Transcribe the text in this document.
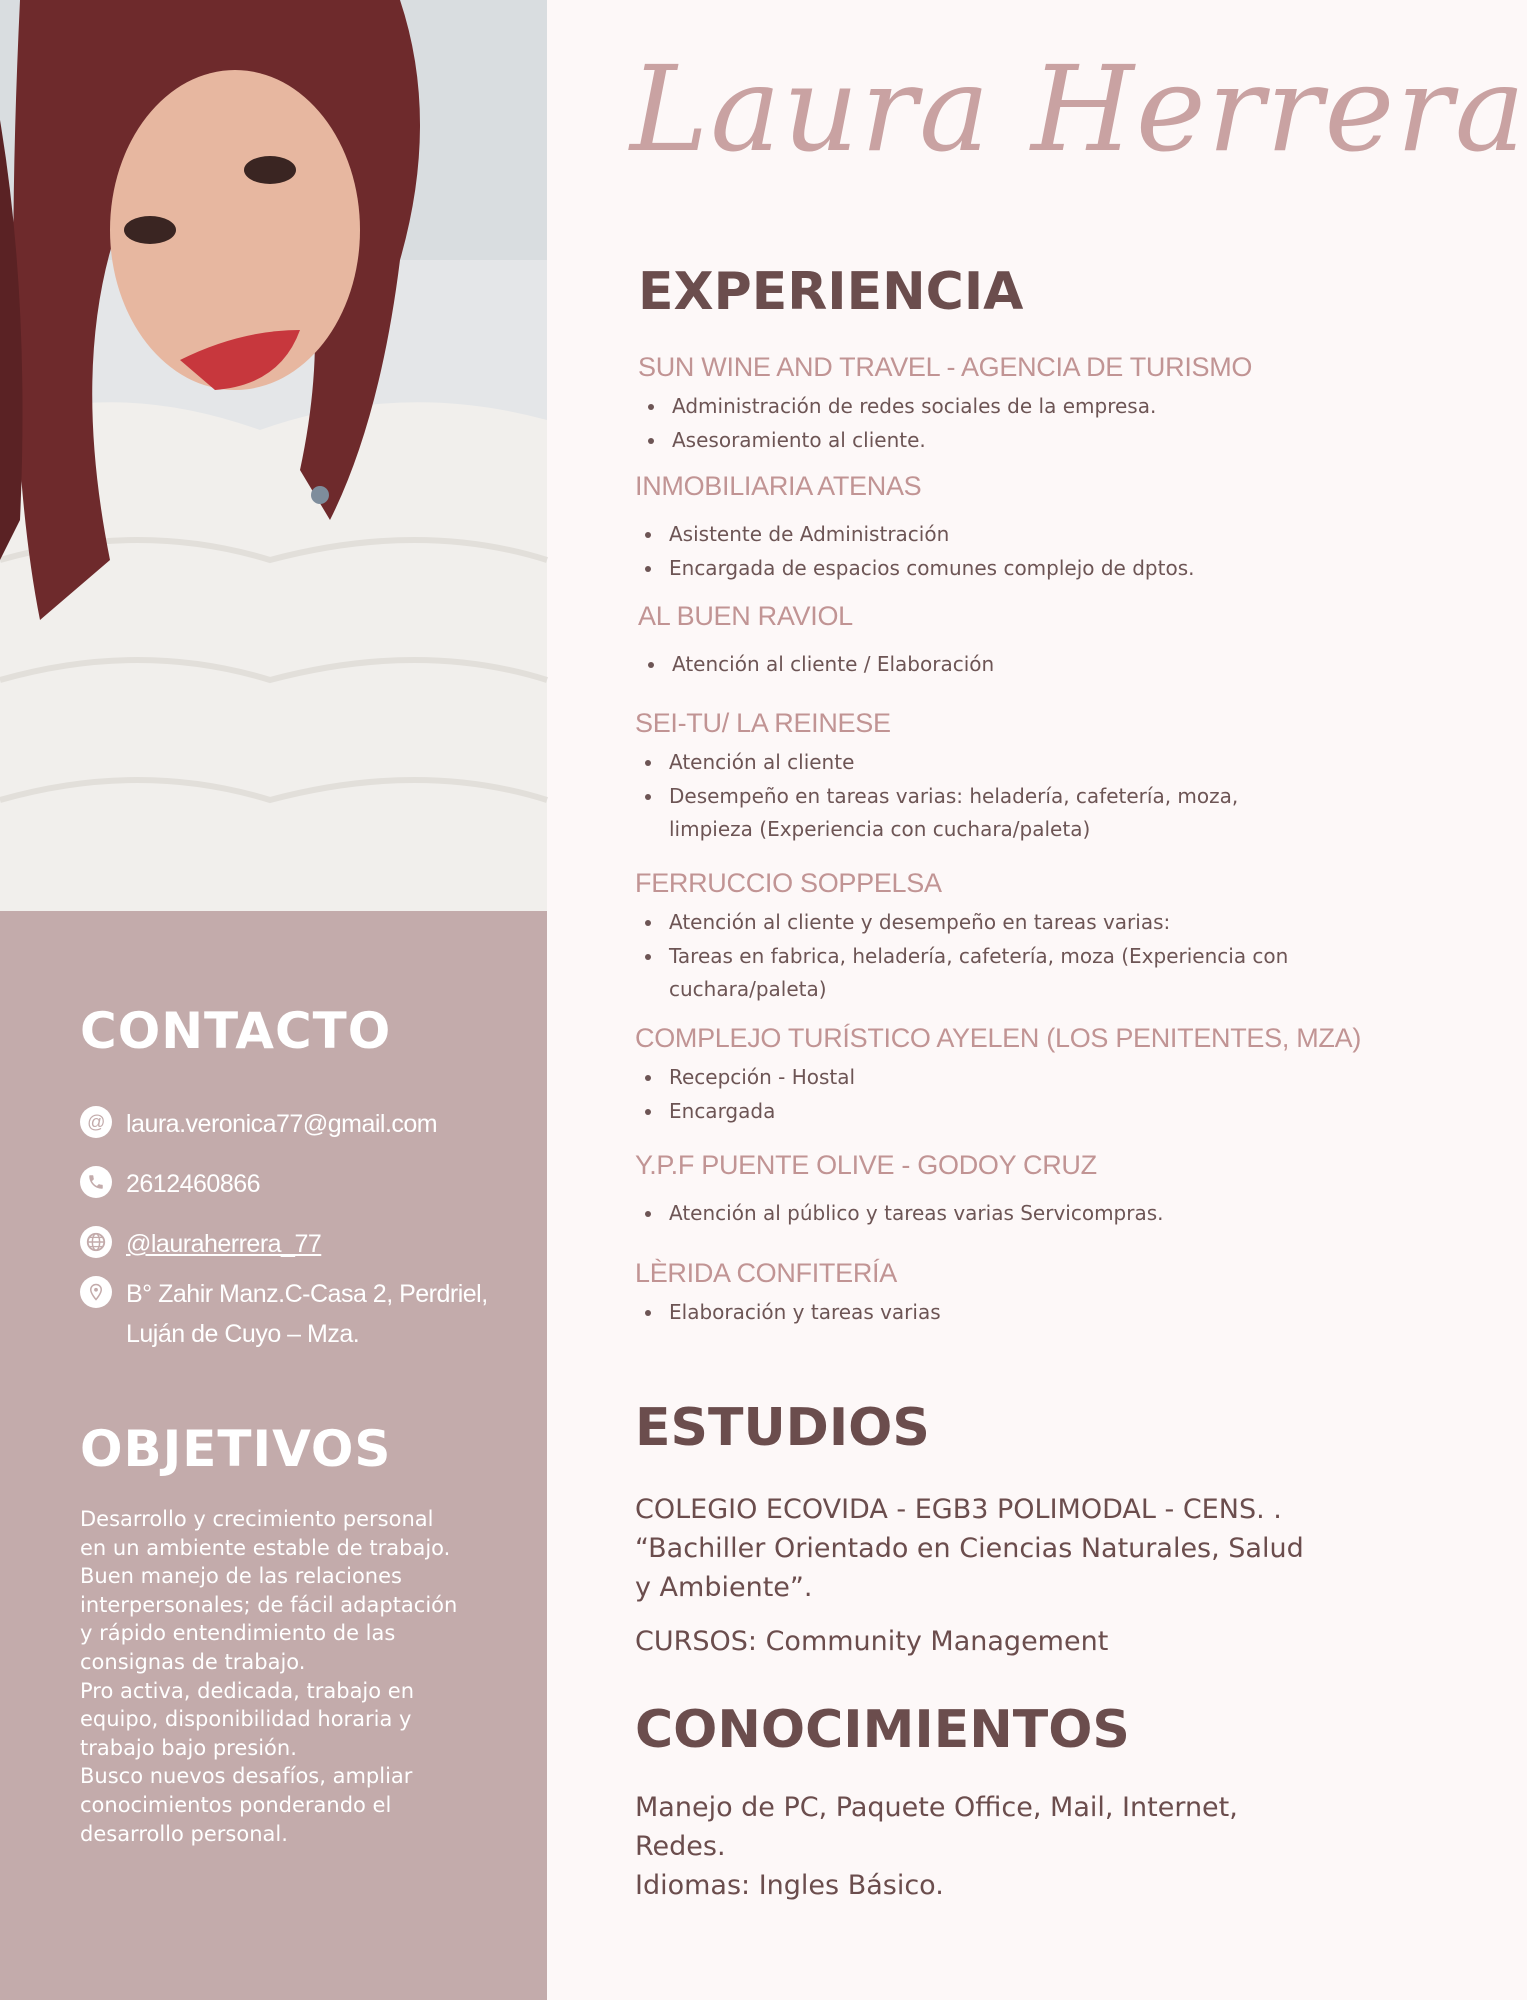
CONTACTO
@ laura.veronica77@gmail.com
2612460866
@lauraherrera_77
B° Zahir Manz.C-Casa 2, Perdriel,
Luján de Cuyo – Mza.
OBJETIVOS
Desarrollo y crecimiento personal
en un ambiente estable de trabajo.
Buen manejo de las relaciones
interpersonales; de fácil adaptación
y rápido entendimiento de las
consignas de trabajo.
Pro activa, dedicada, trabajo en
equipo, disponibilidad horaria y
trabajo bajo presión.
Busco nuevos desafíos, ampliar
conocimientos ponderando el
desarrollo personal.
Laura Herrera
EXPERIENCIA
SUN WINE AND TRAVEL - AGENCIA DE TURISMO
Administración de redes sociales de la empresa.
Asesoramiento al cliente.
INMOBILIARIA ATENAS
Asistente de Administración
Encargada de espacios comunes complejo de dptos.
AL BUEN RAVIOL
Atención al cliente / Elaboración
SEI-TU/ LA REINESE
Atención al cliente
Desempeño en tareas varias: heladería, cafetería, moza,
limpieza (Experiencia con cuchara/paleta)
FERRUCCIO SOPPELSA
Atención al cliente y desempeño en tareas varias:
Tareas en fabrica, heladería, cafetería, moza (Experiencia con
cuchara/paleta)
COMPLEJO TURÍSTICO AYELEN (LOS PENITENTES, MZA)
Recepción - Hostal
Encargada
Y.P.F PUENTE OLIVE - GODOY CRUZ
Atención al público y tareas varias Servicompras.
LÈRIDA CONFITERÍA
Elaboración y tareas varias
ESTUDIOS
COLEGIO ECOVIDA - EGB3 POLIMODAL - CENS. .
“Bachiller Orientado en Ciencias Naturales, Salud
y Ambiente”.
CURSOS: Community Management
CONOCIMIENTOS
Manejo de PC, Paquete Office, Mail, Internet,
Redes.
Idiomas: Ingles Básico.
